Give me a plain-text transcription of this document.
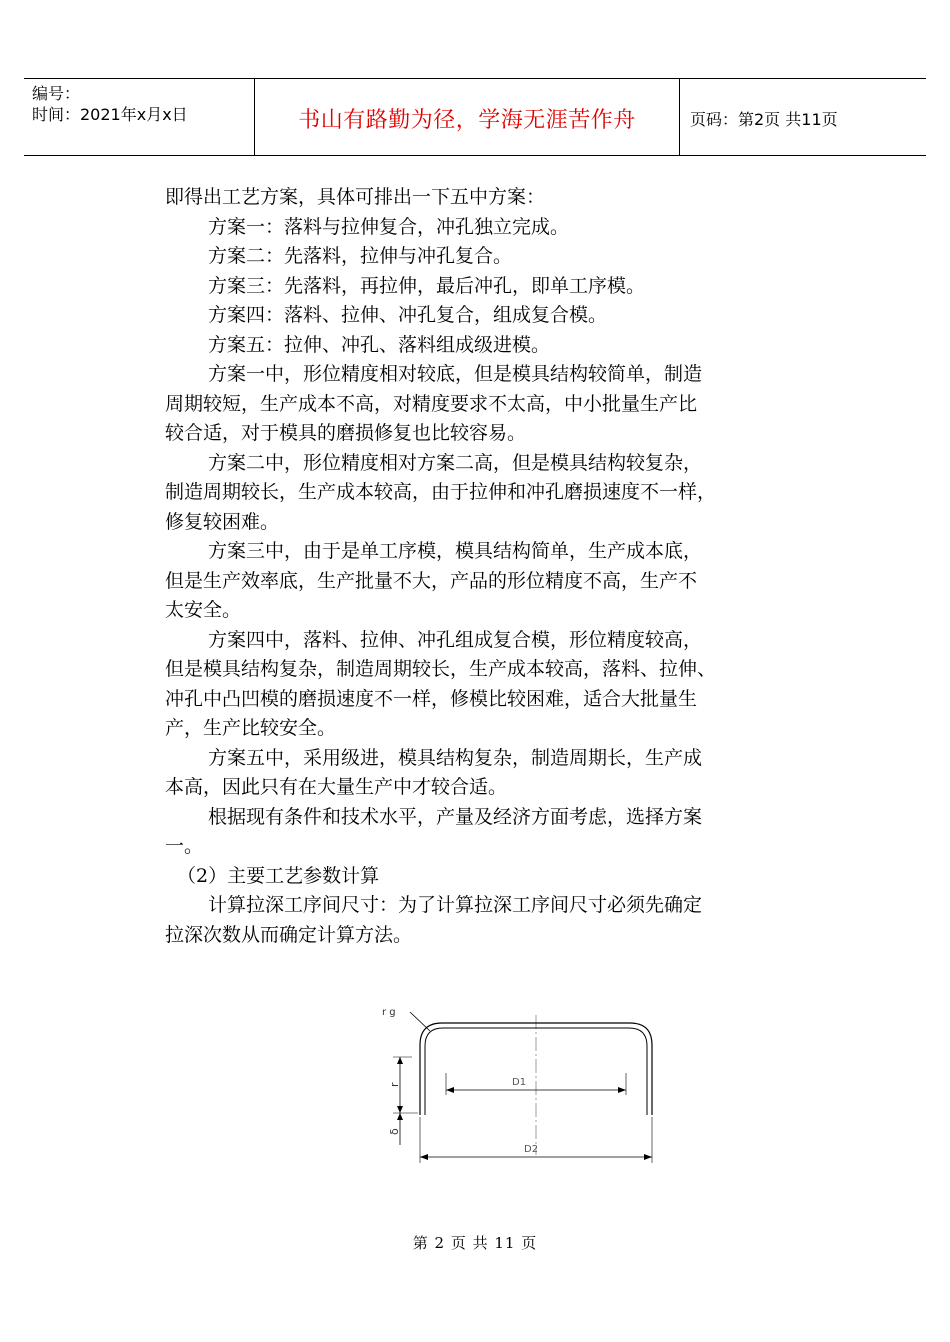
编号：
时间：2021年x月x日	书山有路勤为径，学海无涯苦作舟	页码：第2页 共11页
即得出工艺方案，具体可排出一下五中方案：
方案一：落料与拉伸复合，冲孔独立完成。
方案二：先落料，拉伸与冲孔复合。
方案三：先落料，再拉伸，最后冲孔，即单工序模。
方案四：落料、拉伸、冲孔复合，组成复合模。
方案五：拉伸、冲孔、落料组成级进模。
方案一中，形位精度相对较底，但是模具结构较简单，制造
周期较短，生产成本不高，对精度要求不太高，中小批量生产比
较合适，对于模具的磨损修复也比较容易。
方案二中，形位精度相对方案二高，但是模具结构较复杂，
制造周期较长，生产成本较高，由于拉伸和冲孔磨损速度不一样，
修复较困难。
方案三中，由于是单工序模，模具结构简单，生产成本底，
但是生产效率底，生产批量不大，产品的形位精度不高，生产不
太安全。
方案四中，落料、拉伸、冲孔组成复合模，形位精度较高，
但是模具结构复杂，制造周期较长，生产成本较高，落料、拉伸、
冲孔中凸凹模的磨损速度不一样，修模比较困难，适合大批量生
产，生产比较安全。
方案五中，采用级进，模具结构复杂，制造周期长，生产成
本高，因此只有在大量生产中才较合适。
根据现有条件和技术水平，产量及经济方面考虑，选择方案
一。
（2）主要工艺参数计算
计算拉深工序间尺寸：为了计算拉深工序间尺寸必须先确定
拉深次数从而确定计算方法。
r g
r
δ
D1
D2
第 2 页 共 11 页
